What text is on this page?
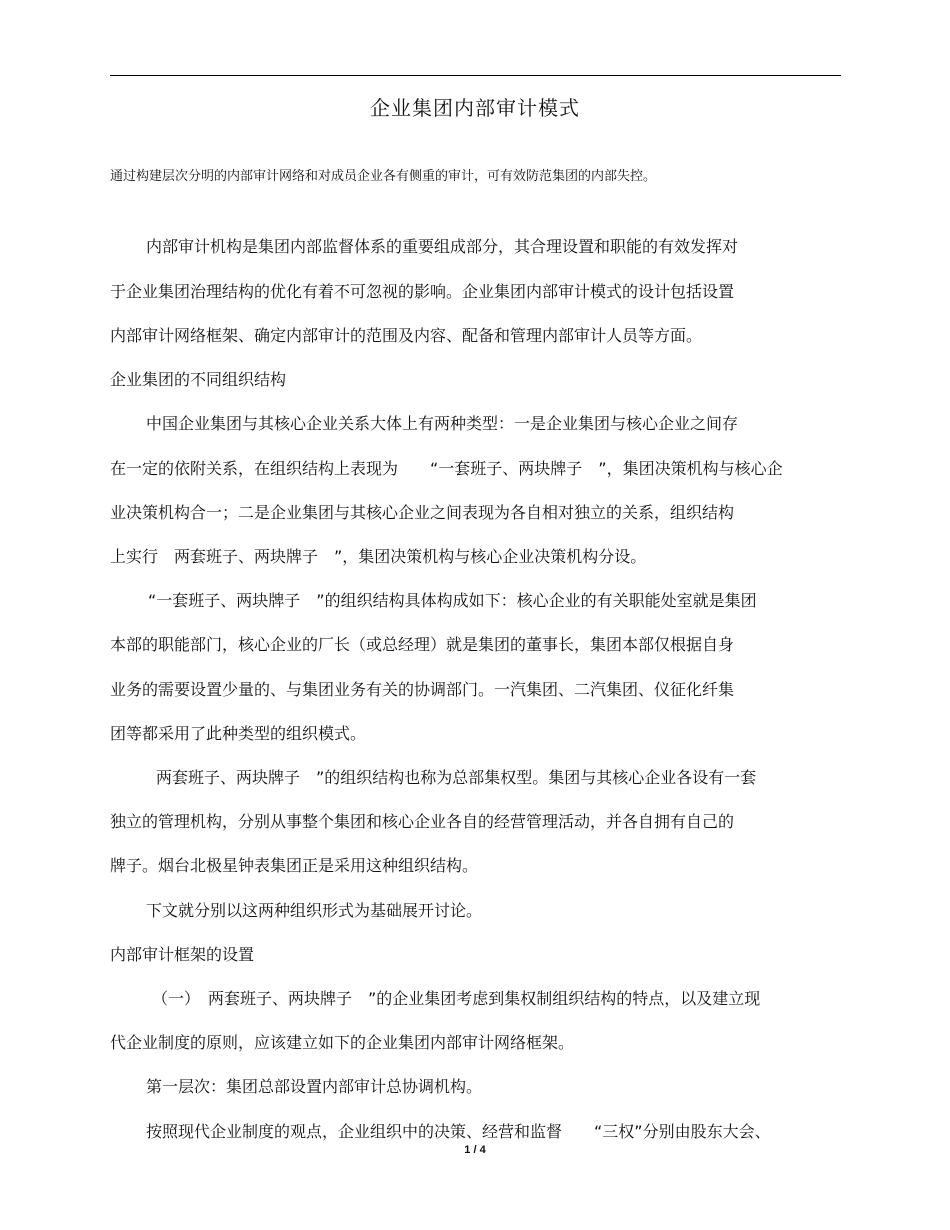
企业集团内部审计模式
通过构建层次分明的内部审计网络和对成员企业各有侧重的审计，可有效防范集团的内部失控。
内部审计机构是集团内部监督体系的重要组成部分，其合理设置和职能的有效发挥对
于企业集团治理结构的优化有着不可忽视的影响。企业集团内部审计模式的设计包括设置
内部审计网络框架、确定内部审计的范围及内容、配备和管理内部审计人员等方面。
企业集团的不同组织结构
中国企业集团与其核心企业关系大体上有两种类型：一是企业集团与核心企业之间存
在一定的依附关系，在组织结构上表现为　　“一套班子、两块牌子　”，集团决策机构与核心企
业决策机构合一；二是企业集团与其核心企业之间表现为各自相对独立的关系，组织结构
上实行　两套班子、两块牌子　”，集团决策机构与核心企业决策机构分设。
“一套班子、两块牌子　”的组织结构具体构成如下：核心企业的有关职能处室就是集团
本部的职能部门，核心企业的厂长（或总经理）就是集团的董事长，集团本部仅根据自身
业务的需要设置少量的、与集团业务有关的协调部门。一汽集团、二汽集团、仪征化纤集
团等都采用了此种类型的组织模式。
两套班子、两块牌子　”的组织结构也称为总部集权型。集团与其核心企业各设有一套
独立的管理机构，分别从事整个集团和核心企业各自的经营管理活动，并各自拥有自己的
牌子。烟台北极星钟表集团正是采用这种组织结构。
下文就分别以这两种组织形式为基础展开讨论。
内部审计框架的设置
（一）　两套班子、两块牌子　”的企业集团考虑到集权制组织结构的特点，以及建立现
代企业制度的原则，应该建立如下的企业集团内部审计网络框架。
第一层次：集团总部设置内部审计总协调机构。
按照现代企业制度的观点，企业组织中的决策、经营和监督　　“三权”分别由股东大会、
1 / 4
